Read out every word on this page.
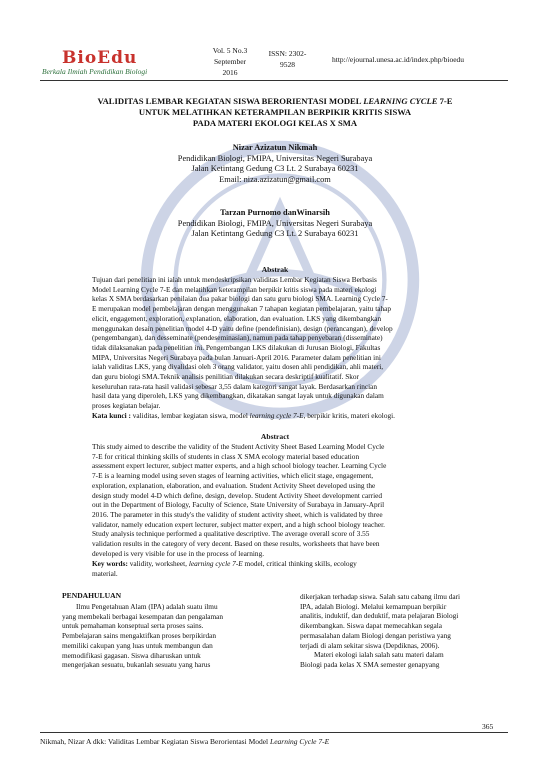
BioEdu
Berkala Ilmiah Pendidikan Biologi
Vol. 5 No.3
September
2016
ISSN: 2302-
9528
http://ejournal.unesa.ac.id/index.php/bioedu
VALIDITAS LEMBAR KEGIATAN SISWA BERORIENTASI MODEL LEARNING CYCLE 7-E
UNTUK MELATIHKAN KETERAMPILAN BERPIKIR KRITIS SISWA
PADA MATERI EKOLOGI KELAS X SMA
Nizar Azizatun Nikmah
Pendidikan Biologi, FMIPA, Universitas Negeri Surabaya
Jalan Ketintang Gedung C3 Lt. 2 Surabaya 60231
Email: niza.azizatun@gmail.com
Tarzan Purnomo danWinarsih
Pendidikan Biologi, FMIPA, Universitas Negeri Surabaya
Jalan Ketintang Gedung C3 Lt. 2 Surabaya 60231
Abstrak
Tujuan dari penelitian ini ialah untuk mendeskripsikan validitas Lembar Kegiatan Siswa Berbasis
Model Learning Cycle 7-E dan melatihkan keterampilan berpikir kritis siswa pada materi ekologi
kelas X SMA berdasarkan penilaian dua pakar biologi dan satu guru biologi SMA. Learning Cycle 7-
E merupakan model pembelajaran dengan menggunakan 7 tahapan kegiatan pembelajaran, yaitu tahap
elicit, engagement, exploration, explanation, elaboration, dan evaluation. LKS yang dikembangkan
menggunakan desain penelitian model 4-D yaitu define (pendefinisian), design (perancangan), develop
(pengembangan), dan desseminate (pendeseminasian), namun pada tahap penyebaran (disseminate)
tidak dilaksanakan pada penelitian ini. Pengembangan LKS dilakukan di Jurusan Biologi, Fakultas
MIPA, Universitas Negeri Surabaya pada bulan Januari-April 2016. Parameter dalam penelitian ini
ialah validitas LKS, yang divalidasi oleh 3 orang validator, yaitu dosen ahli pendidikan, ahli materi,
dan guru biologi SMA.Teknik analisis penilitian dilakukan secara deskriptif kualitatif. Skor
keseluruhan rata-rata hasil validasi sebesar 3,55 dalam kategori sangat layak. Berdasarkan rincian
hasil data yang diperoleh, LKS yang dikembangkan, dikatakan sangat layak untuk digunakan dalam
proses kegiatan belajar.
Kata kunci : validitas, lembar kegiatan siswa, model learning cycle 7-E, berpikir kritis, materi ekologi.
Abstract
This study aimed to describe the validity of the Student Activity Sheet Based Learning Model Cycle
7-E for critical thinking skills of students in class X SMA ecology material based education
assessment expert lecturer, subject matter experts, and a high school biology teacher. Learning Cycle
7-E is a learning model using seven stages of learning activities, which elicit stage, engagement,
exploration, explanation, elaboration, and evaluation. Student Activity Sheet developed using the
design study model 4-D which define, design, develop. Student Activity Sheet development carried
out in the Department of Biology, Faculty of Science, State University of Surabaya in January-April
2016. The parameter in this study's the validity of student activity sheet, which is validated by three
validator, namely education expert lecturer, subject matter expert, and a high school biology teacher.
Study analysis technique performed a qualitative descriptive. The average overall score of 3.55
validation results in the category of very decent. Based on these results, worksheets that have been
developed is very visible for use in the process of learning.
Key words: validity, worksheet, learning cycle 7-E model, critical thinking skills, ecology
material.
PENDAHULUAN
Ilmu Pengetahuan Alam (IPA) adalah suatu ilmu
yang membekali berbagai kesempatan dan pengalaman
untuk pemahaman konseptual serta proses sains.
Pembelajaran sains mengaktifkan proses berpikirdan
memiliki cakupan yang luas untuk membangun dan
memodifikasi gagasan. Siswa diharuskan untuk
mengerjakan sesuatu, bukanlah sesuatu yang harus
dikerjakan terhadap siswa. Salah satu cabang ilmu dari
IPA, adalah Biologi. Melalui kemampuan berpikir
analitis, induktif, dan deduktif, mata pelajaran Biologi
dikembangkan. Siswa dapat memecahkan segala
permasalahan dalam Biologi dengan peristiwa yang
terjadi di alam sekitar siswa (Depdiknas, 2006).
Materi ekologi ialah salah satu materi dalam
Biologi pada kelas X SMA semester genapyang
365
Nikmah, Nizar A dkk: Validitas Lembar Kegiatan Siswa Berorientasi Model Learning Cycle 7-E
